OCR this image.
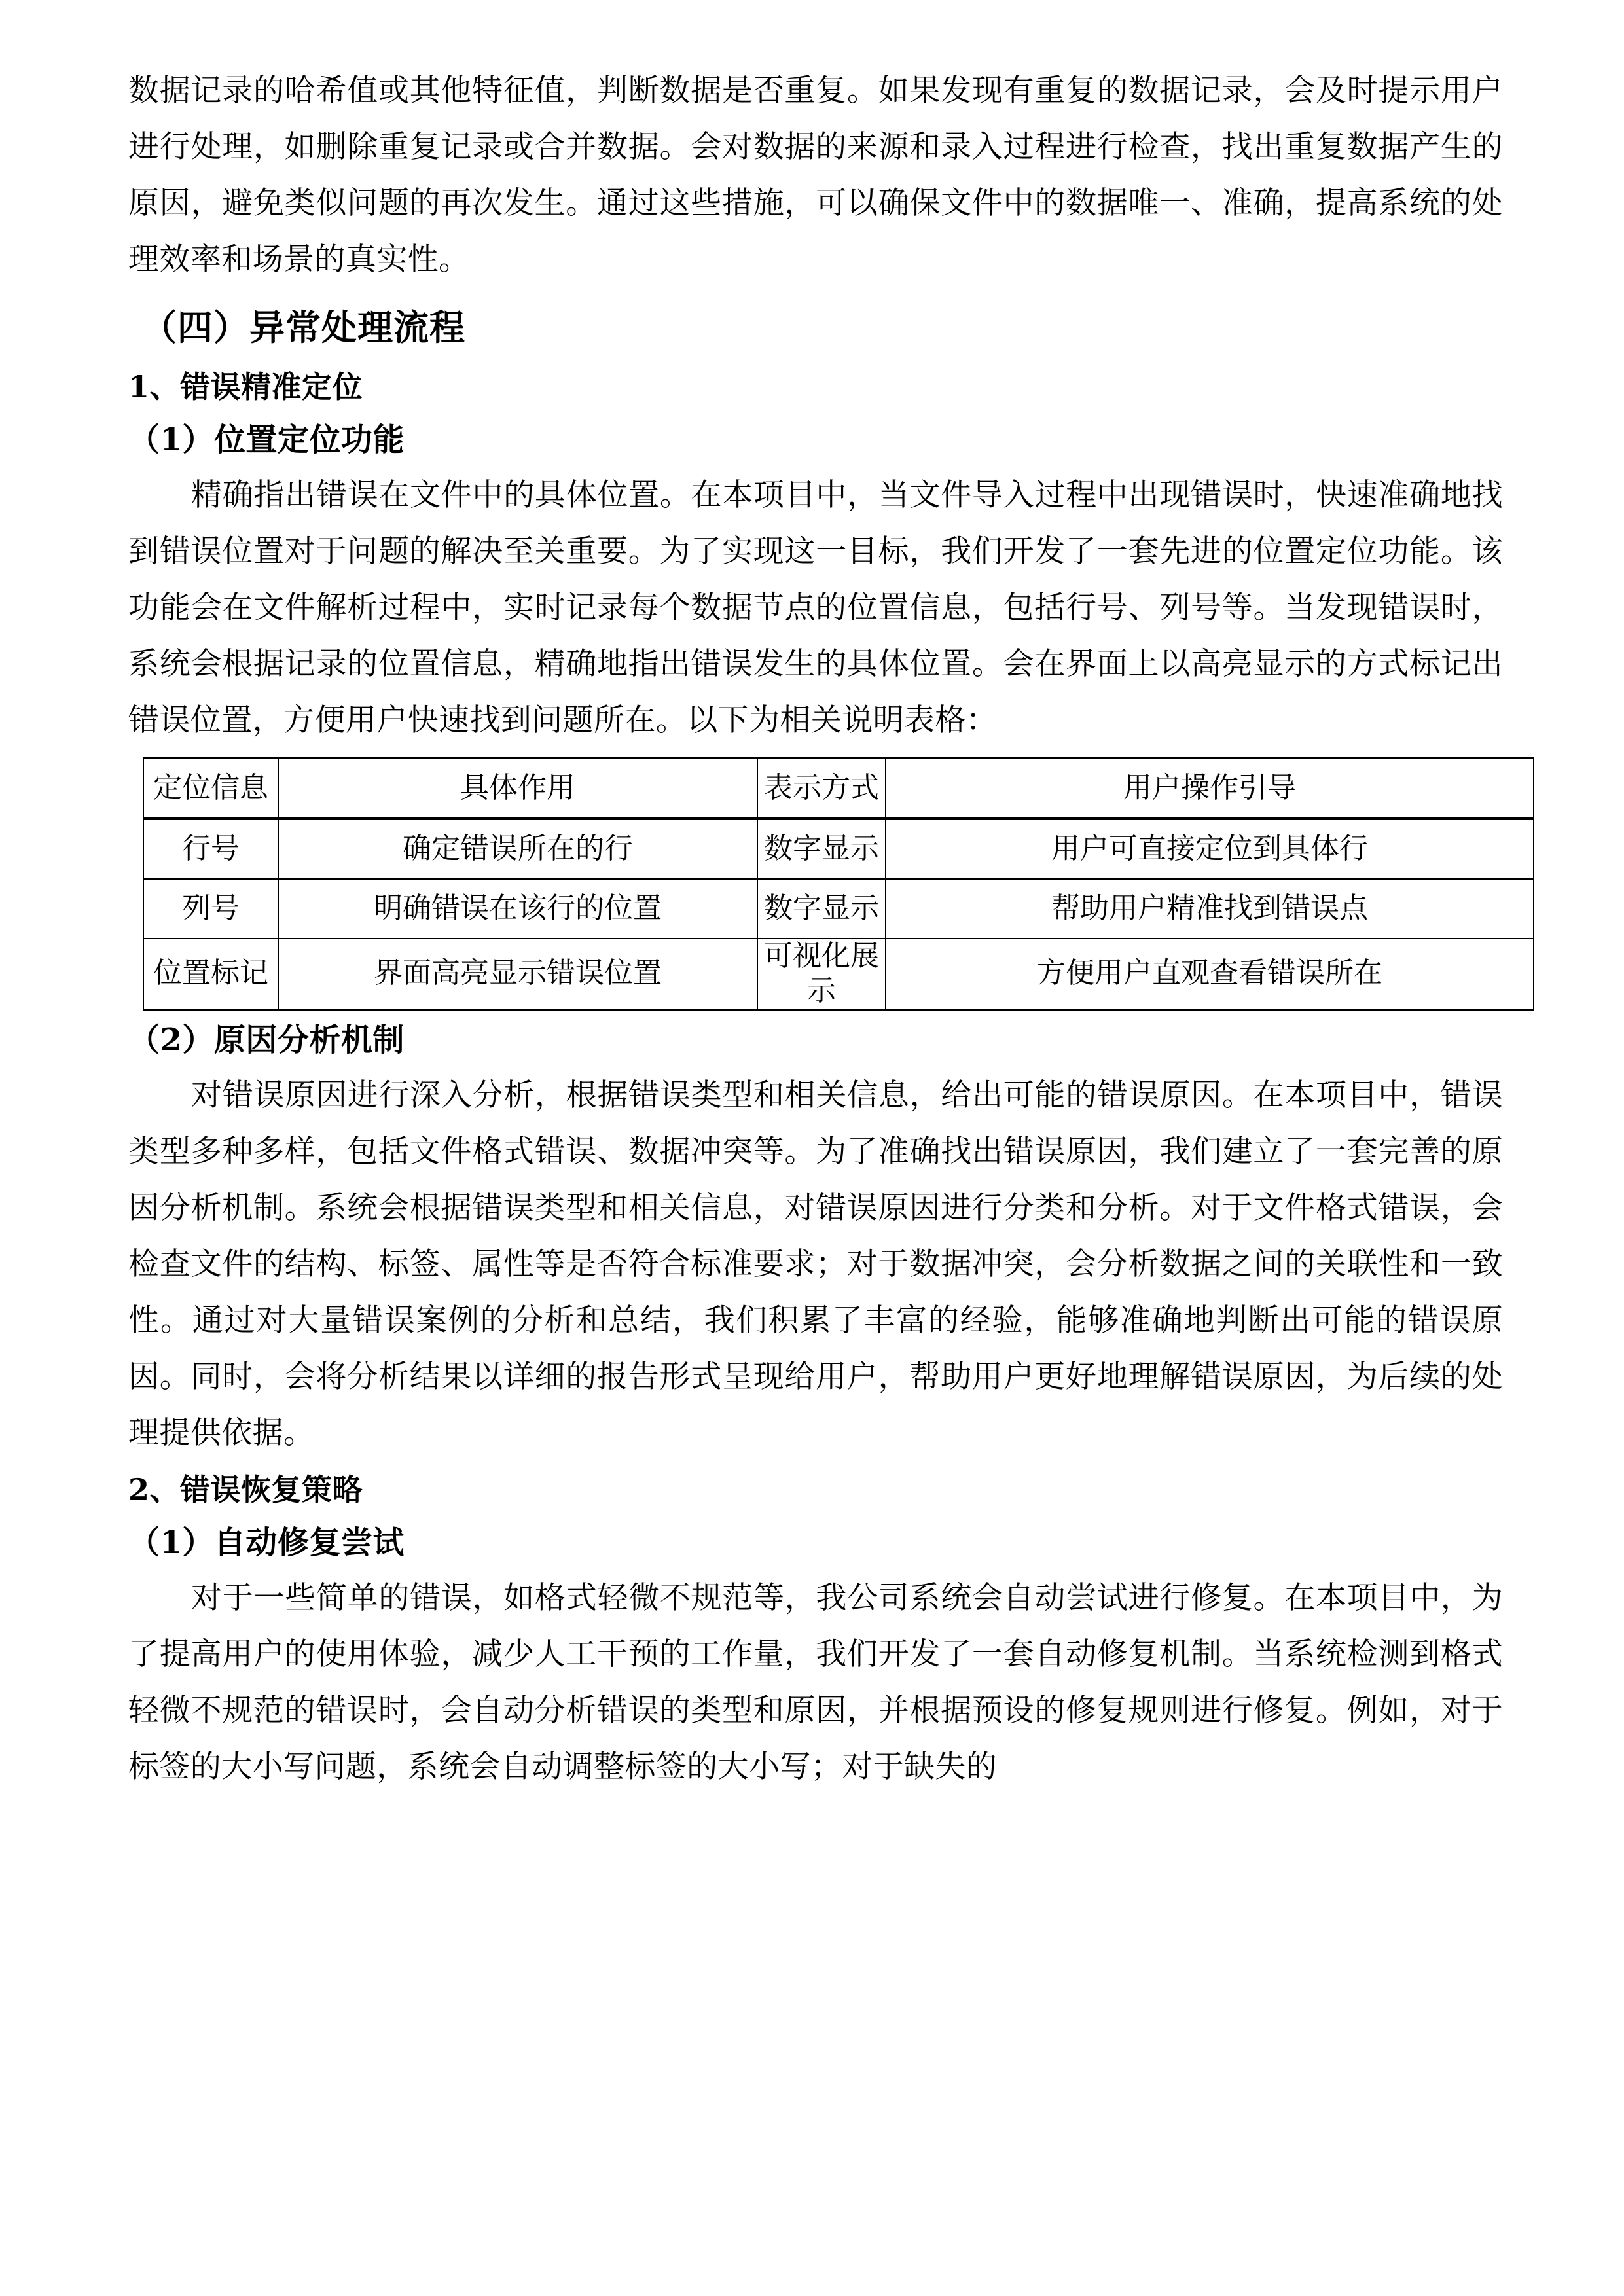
数据记录的哈希值或其他特征值，判断数据是否重复。如果发现有重复的数据记录，会及时提示用户进行处理，如删除重复记录或合并数据。会对数据的来源和录入过程进行检查，找出重复数据产生的原因，避免类似问题的再次发生。通过这些措施，可以确保文件中的数据唯一、准确，提高系统的处理效率和场景的真实性。

（四）异常处理流程
1、错误精准定位
（1）位置定位功能

精确指出错误在文件中的具体位置。在本项目中，当文件导入过程中出现错误时，快速准确地找到错误位置对于问题的解决至关重要。为了实现这一目标，我们开发了一套先进的位置定位功能。该功能会在文件解析过程中，实时记录每个数据节点的位置信息，包括行号、列号等。当发现错误时，系统会根据记录的位置信息，精确地指出错误发生的具体位置。会在界面上以高亮显示的方式标记出错误位置，方便用户快速找到问题所在。以下为相关说明表格：

定位信息	具体作用	表示方式	用户操作引导
行号	确定错误所在的行	数字显示	用户可直接定位到具体行
列号	明确错误在该行的位置	数字显示	帮助用户精准找到错误点
位置标记	界面高亮显示错误位置	可视化展示	方便用户直观查看错误所在
（2）原因分析机制

对错误原因进行深入分析，根据错误类型和相关信息，给出可能的错误原因。在本项目中，错误类型多种多样，包括文件格式错误、数据冲突等。为了准确找出错误原因，我们建立了一套完善的原因分析机制。系统会根据错误类型和相关信息，对错误原因进行分类和分析。对于文件格式错误，会检查文件的结构、标签、属性等是否符合标准要求；对于数据冲突，会分析数据之间的关联性和一致性。通过对大量错误案例的分析和总结，我们积累了丰富的经验，能够准确地判断出可能的错误原因。同时，会将分析结果以详细的报告形式呈现给用户，帮助用户更好地理解错误原因，为后续的处理提供依据。

2、错误恢复策略
（1）自动修复尝试

对于一些简单的错误，如格式轻微不规范等，我公司系统会自动尝试进行修复。在本项目中，为了提高用户的使用体验，减少人工干预的工作量，我们开发了一套自动修复机制。当系统检测到格式轻微不规范的错误时，会自动分析错误的类型和原因，并根据预设的修复规则进行修复。例如，对于标签的大小写问题，系统会自动调整标签的大小写；对于缺失的
